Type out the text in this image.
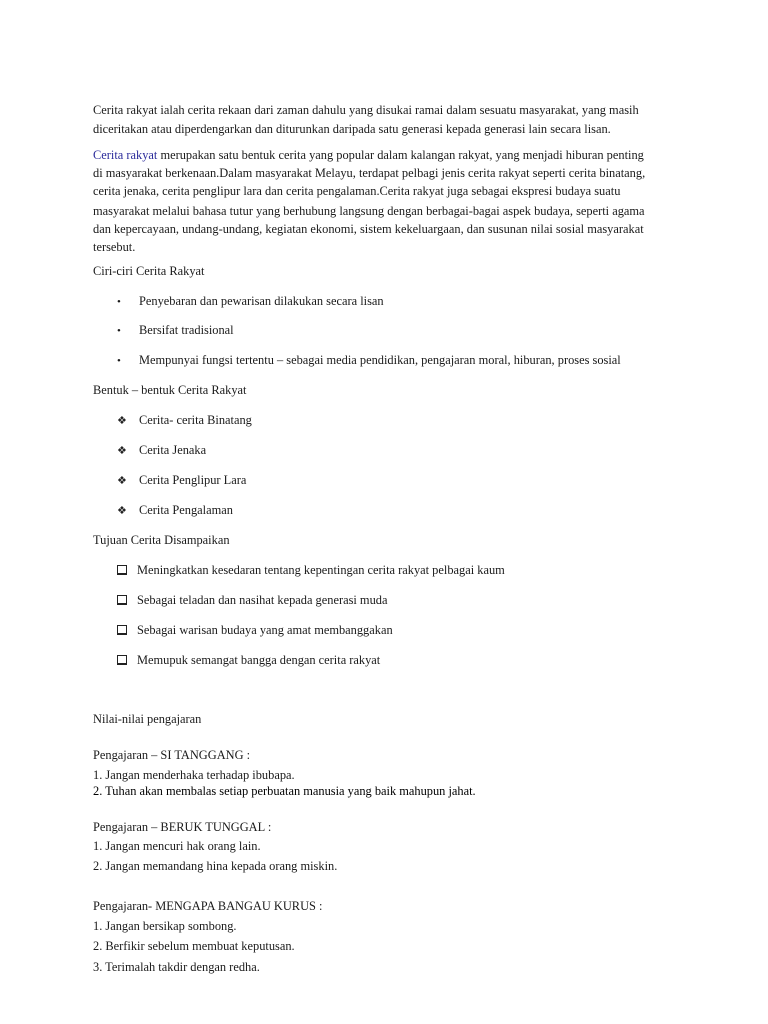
Cerita rakyat ialah cerita rekaan dari zaman dahulu yang disukai ramai dalam sesuatu masyarakat, yang masih
diceritakan atau diperdengarkan dan diturunkan daripada satu generasi kepada generasi lain secara lisan.
Cerita rakyat merupakan satu bentuk cerita yang popular dalam kalangan rakyat, yang menjadi hiburan penting
di masyarakat berkenaan.Dalam masyarakat Melayu, terdapat pelbagi jenis cerita rakyat seperti cerita binatang,
cerita jenaka, cerita penglipur lara dan cerita pengalaman.Cerita rakyat juga sebagai ekspresi budaya suatu
masyarakat melalui bahasa tutur yang berhubung langsung dengan berbagai-bagai aspek budaya, seperti agama
dan kepercayaan, undang-undang, kegiatan ekonomi, sistem kekeluargaan, dan susunan nilai sosial masyarakat
tersebut.
Ciri-ciri Cerita Rakyat
• Penyebaran dan pewarisan dilakukan secara lisan
• Bersifat tradisional
• Mempunyai fungsi tertentu – sebagai media pendidikan, pengajaran moral, hiburan, proses sosial
Bentuk – bentuk Cerita Rakyat
❖ Cerita- cerita Binatang
❖ Cerita Jenaka
❖ Cerita Penglipur Lara
❖ Cerita Pengalaman
Tujuan Cerita Disampaikan
Meningkatkan kesedaran tentang kepentingan cerita rakyat pelbagai kaum
Sebagai teladan dan nasihat kepada generasi muda
Sebagai warisan budaya yang amat membanggakan
Memupuk semangat bangga dengan cerita rakyat
Nilai-nilai pengajaran
Pengajaran – SI TANGGANG :
1. Jangan menderhaka terhadap ibubapa.
2. Tuhan akan membalas setiap perbuatan manusia yang baik mahupun jahat.
Pengajaran – BERUK TUNGGAL :
1. Jangan mencuri hak orang lain.
2. Jangan memandang hina kepada orang miskin.
Pengajaran- MENGAPA BANGAU KURUS :
1. Jangan bersikap sombong.
2. Berfikir sebelum membuat keputusan.
3. Terimalah takdir dengan redha.
